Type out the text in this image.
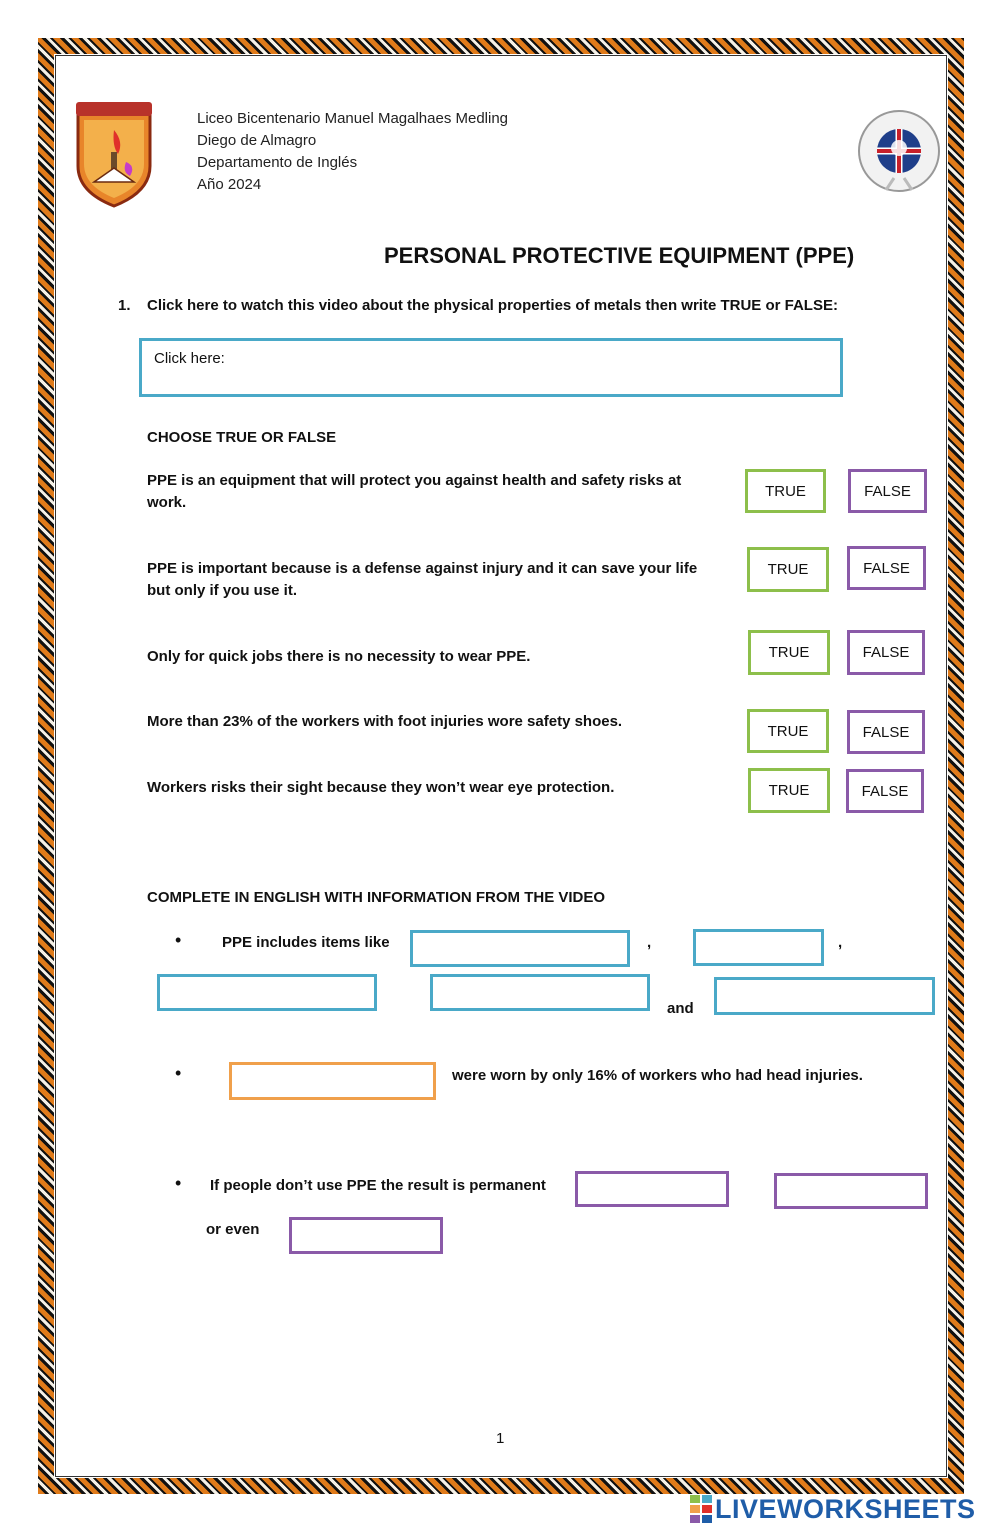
Liceo Bicentenario Manuel Magalhaes Medling
Diego de Almagro
Departamento de Inglés
Año 2024
PERSONAL PROTECTIVE EQUIPMENT (PPE)
1. Click here to watch this video about the physical properties of metals then write TRUE or FALSE:
Click here:
CHOOSE TRUE OR FALSE
PPE is an equipment that will protect you against health and safety risks at
work.
TRUE	FALSE
PPE is important because is a defense against injury and it can save your life
but only if you use it.
TRUE	FALSE
Only for quick jobs there is no necessity to wear PPE.	TRUE	FALSE
More than 23% of the workers with foot injuries wore safety shoes.
TRUE	FALSE
Workers risks their sight because they won’t wear eye protection.	TRUE	FALSE
COMPLETE IN ENGLISH WITH INFORMATION FROM THE VIDEO
•	PPE includes items like	,	,
and
•	were worn by only 16% of workers who had head injuries.
• If people don’t use PPE the result is permanent
or even
1
LIVEWORKSHEETS
